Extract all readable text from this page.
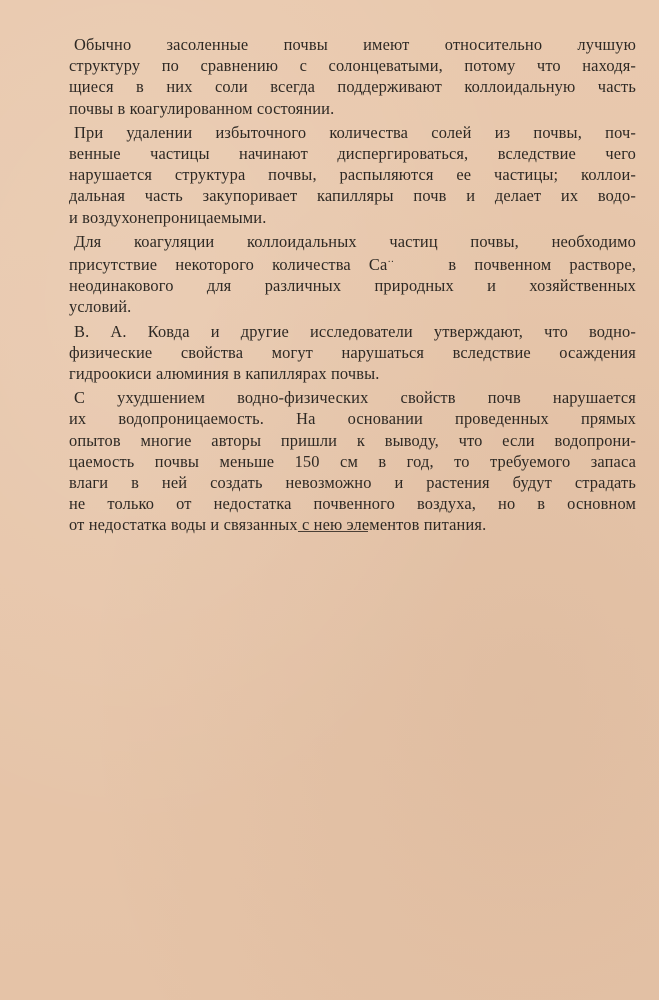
Обычно засоленные почвы имеют относительно лучшую
структуру по сравнению с солонцеватыми, потому что находя-
щиеся в них соли всегда поддерживают коллоидальную часть
почвы в коагулированном состоянии.

При удалении избыточного количества солей из почвы, поч-
венные частицы начинают диспергироваться, вследствие чего
нарушается структура почвы, распыляются ее частицы; коллои-
дальная часть закупоривает капилляры почв и делает их водо-
и воздухонепроницаемыми.

Для коагуляции коллоидальных частиц почвы, необходимо
присутствие некоторого количества Ca··	в почвенном растворе,
неодинакового для различных природных и хозяйственных
условий.

В. А. Ковда и другие исследователи утверждают, что водно-
физические свойства могут нарушаться вследствие осаждения
гидроокиси алюминия в капиллярах почвы.

С ухудшением водно-физических свойств почв нарушается
их водопроницаемость. На основании проведенных прямых
опытов многие авторы пришли к выводу, что если водопрони-
цаемость почвы меньше 150 см в год, то требуемого запаса
влаги в ней создать невозможно и растения будут страдать
не только от недостатка почвенного воздуха, но в основном
от недостатка воды и связанных с нею элементов питания.
